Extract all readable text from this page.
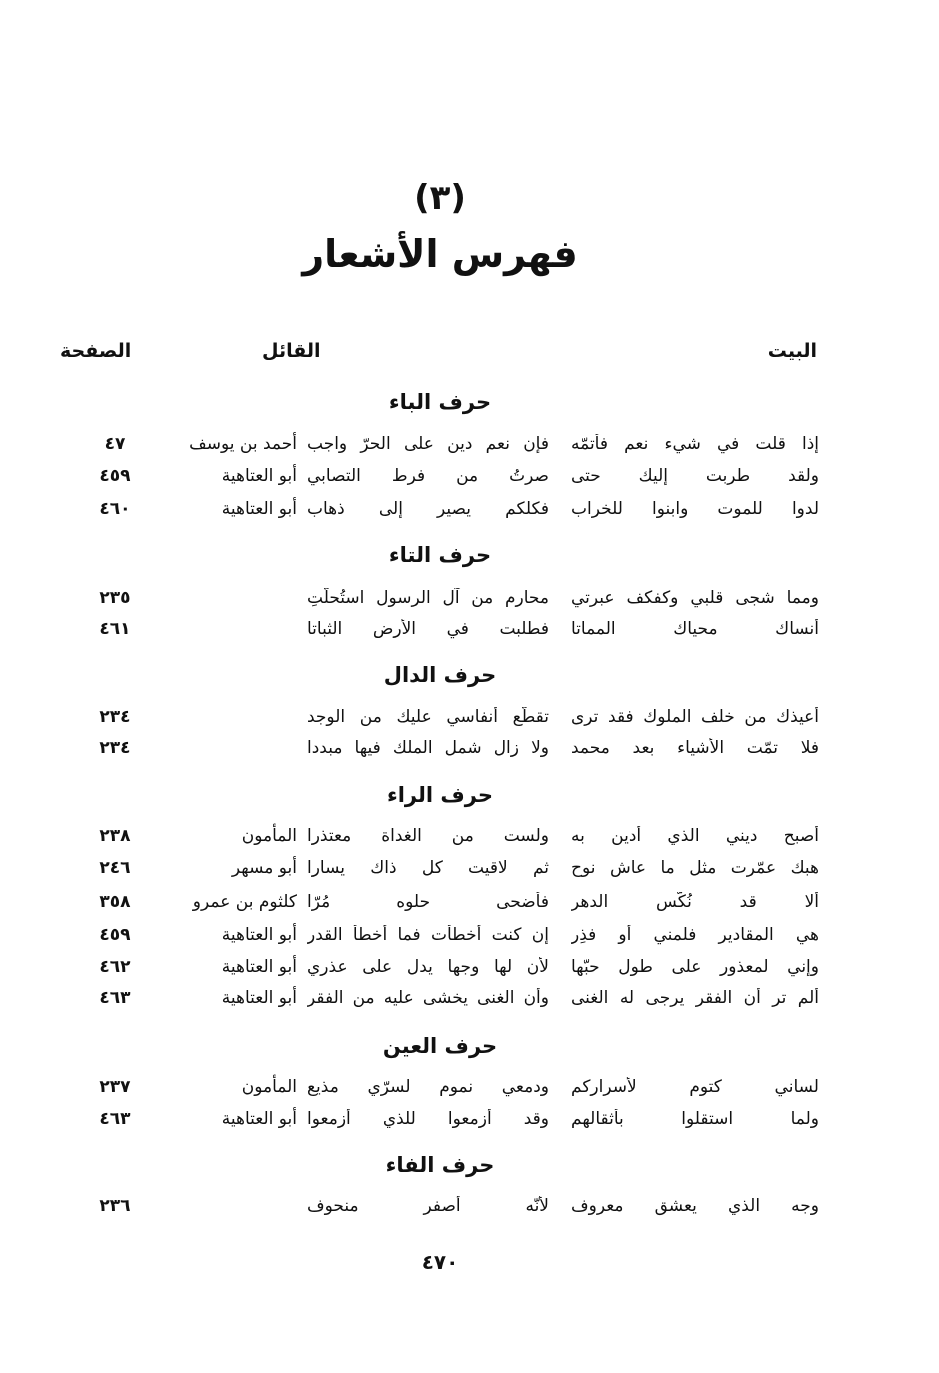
(٣)
فهرس الأشعار
البيت
القائل
الصفحة
حرف الباء
إذا قلت في شيء نعم فأتمّه
فإن نعم دين على الحرّ واجب
أحمد بن يوسف
٤٧
ولقد طربت إليك حتى
صرتُ من فرط التصابي
أبو العتاهية
٤٥٩
لدوا للموت وابنوا للخراب
فكلكم يصير إلى ذهاب
أبو العتاهية
٤٦٠
حرف التاء
ومما شجى قلبي وكفكف عبرتي
محارم من آل الرسول استُحلّتِ
٢٣٥
أنساك محياك المماتا
فطلبت في الأرض الثباتا
٤٦١
حرف الدال
أعيذك من خلف الملوك فقد ترى
تقطّع أنفاسي عليك من الوجد
٢٣٤
فلا تمّت الأشياء بعد محمد
ولا زال شمل الملك فيها مبددا
٢٣٤
حرف الراء
أصبح ديني الذي أدين به
ولست من الغداة معتذرا
المأمون
٢٣٨
هبك عمّرت مثل ما عاش نوح
ثم لاقيت كل ذاك يسارا
أبو مسهر
٢٤٦
ألا قد نُكّس الدهر
فأضحى حلوه مُرّا
كلثوم بن عمرو
٣٥٨
هي المقادير فلمني أو فذِر
إن كنت أخطأت فما أخطأ القدر
أبو العتاهية
٤٥٩
وإني لمعذور على طول حبّها
لأن لها وجها يدل على عذري
أبو العتاهية
٤٦٢
ألم تر أن الفقر يرجى له الغنى
وأن الغنى يخشى عليه من الفقر
أبو العتاهية
٤٦٣
حرف العين
لساني كتوم لأسراركم
ودمعي نموم لسرّي مذيع
المأمون
٢٣٧
ولما استقلوا بأثقالهم
وقد أزمعوا للذي أزمعوا
أبو العتاهية
٤٦٣
حرف الفاء
وجه الذي يعشق معروف
لأنّه أصفر منحوف
٢٣٦
٤٧٠
